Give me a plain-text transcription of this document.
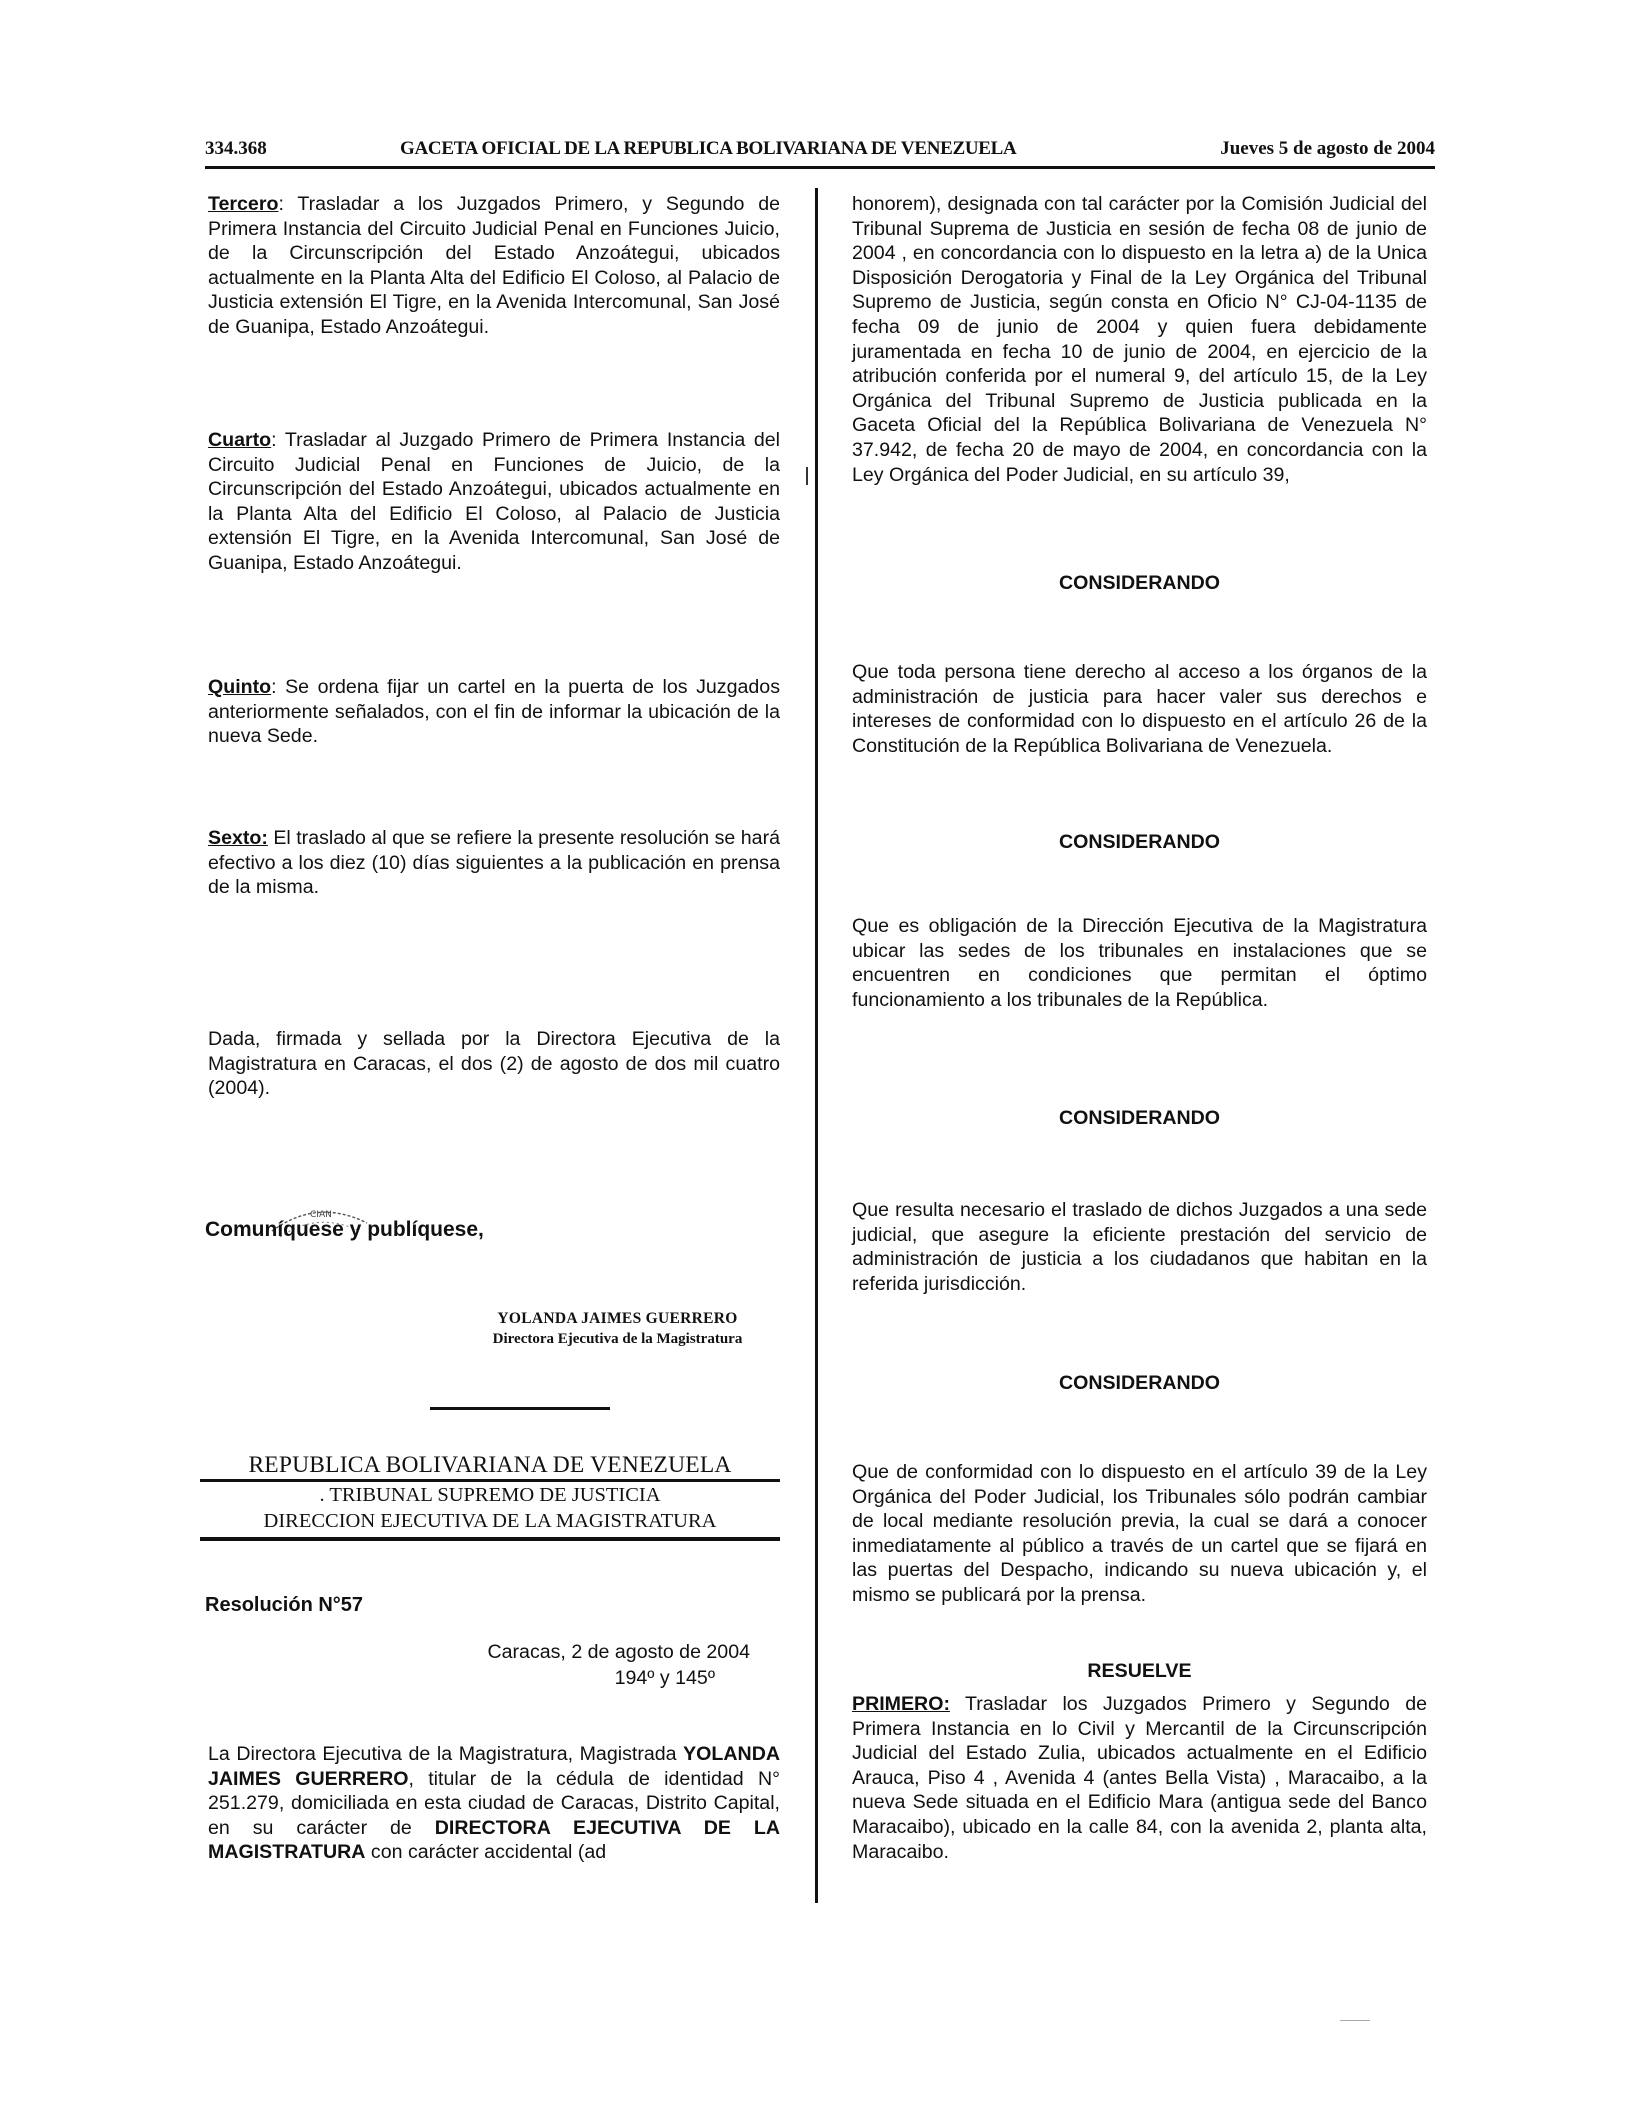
334.368	GACETA OFICIAL DE LA REPUBLICA BOLIVARIANA DE VENEZUELA	Jueves 5 de agosto de 2004

Tercero: Trasladar a los Juzgados Primero, y Segundo de Primera Instancia del Circuito Judicial Penal en Funciones Juicio, de la Circunscripción del Estado Anzoátegui, ubicados actualmente en la Planta Alta del Edificio El Coloso, al Palacio de Justicia extensión El Tigre, en la Avenida Intercomunal, San José de Guanipa, Estado Anzoátegui.

Cuarto: Trasladar al Juzgado Primero de Primera Instancia del Circuito Judicial Penal en Funciones de Juicio, de la Circunscripción del Estado Anzoátegui, ubicados actualmente en la Planta Alta del Edificio El Coloso, al Palacio de Justicia extensión El Tigre, en la Avenida Intercomunal, San José de Guanipa, Estado Anzoátegui.

Quinto: Se ordena fijar un cartel en la puerta de los Juzgados anteriormente señalados, con el fin de informar la ubicación de la nueva Sede.

Sexto: El traslado al que se refiere la presente resolución se hará efectivo a los diez (10) días siguientes a la publicación en prensa de la misma.

Dada, firmada y sellada por la Directora Ejecutiva de la Magistratura en Caracas, el dos (2) de agosto de dos mil cuatro (2004).

CIAN
Comuníquese y publíquese,
YOLANDA JAIMES GUERRERO
Directora Ejecutiva de la Magistratura
REPUBLICA BOLIVARIANA DE VENEZUELA
. TRIBUNAL SUPREMO DE JUSTICIA
DIRECCION EJECUTIVA DE LA MAGISTRATURA
Resolución N°57
Caracas, 2 de agosto de 2004
194º y 145º

La Directora Ejecutiva de la Magistratura, Magistrada YOLANDA JAIMES GUERRERO, titular de la cédula de identidad N° 251.279, domiciliada en esta ciudad de Caracas, Distrito Capital, en su carácter de DIRECTORA EJECUTIVA DE LA MAGISTRATURA con carácter accidental (ad

honorem), designada con tal carácter por la Comisión Judicial del Tribunal Suprema de Justicia en sesión de fecha 08 de junio de 2004 , en concordancia con lo dispuesto en la letra a) de la Unica Disposición Derogatoria y Final de la Ley Orgánica del Tribunal Supremo de Justicia, según consta en Oficio N° CJ-04-1135 de fecha 09 de junio de 2004 y quien fuera debidamente juramentada en fecha 10 de junio de 2004, en ejercicio de la atribución conferida por el numeral 9, del artículo 15, de la Ley Orgánica del Tribunal Supremo de Justicia publicada en la Gaceta Oficial del la República Bolivariana de Venezuela N° 37.942, de fecha 20 de mayo de 2004, en concordancia con la Ley Orgánica del Poder Judicial, en su artículo 39,

CONSIDERANDO

Que toda persona tiene derecho al acceso a los órganos de la administración de justicia para hacer valer sus derechos e intereses de conformidad con lo dispuesto en el artículo 26 de la Constitución de la República Bolivariana de Venezuela.

CONSIDERANDO

Que es obligación de la Dirección Ejecutiva de la Magistratura ubicar las sedes de los tribunales en instalaciones que se encuentren en condiciones que permitan el óptimo funcionamiento a los tribunales de la República.

CONSIDERANDO

Que resulta necesario el traslado de dichos Juzgados a una sede judicial, que asegure la eficiente prestación del servicio de administración de justicia a los ciudadanos que habitan en la referida jurisdicción.

CONSIDERANDO

Que de conformidad con lo dispuesto en el artículo 39 de la Ley Orgánica del Poder Judicial, los Tribunales sólo podrán cambiar de local mediante resolución previa, la cual se dará a conocer inmediatamente al público a través de un cartel que se fijará en las puertas del Despacho, indicando su nueva ubicación y, el mismo se publicará por la prensa.

RESUELVE

PRIMERO: Trasladar los Juzgados Primero y Segundo de Primera Instancia en lo Civil y Mercantil de la Circunscripción Judicial del Estado Zulia, ubicados actualmente en el Edificio Arauca, Piso 4 , Avenida 4 (antes Bella Vista) , Maracaibo, a la nueva Sede situada en el Edificio Mara (antigua sede del Banco Maracaibo), ubicado en la calle 84, con la avenida 2, planta alta, Maracaibo.
